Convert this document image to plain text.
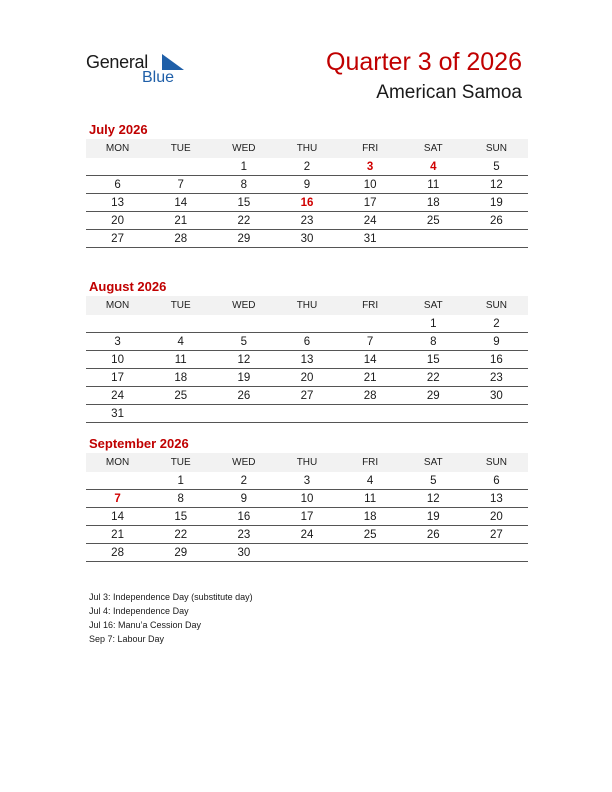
General
Blue
Quarter 3 of 2026
American Samoa
July 2026
MON	TUE	WED	THU	FRI	SAT	SUN
		1	2	3	4	5
6	7	8	9	10	11	12
13	14	15	16	17	18	19
20	21	22	23	24	25	26
27	28	29	30	31		
August 2026
MON	TUE	WED	THU	FRI	SAT	SUN
					1	2
3	4	5	6	7	8	9
10	11	12	13	14	15	16
17	18	19	20	21	22	23
24	25	26	27	28	29	30
31						
September 2026
MON	TUE	WED	THU	FRI	SAT	SUN
	1	2	3	4	5	6
7	8	9	10	11	12	13
14	15	16	17	18	19	20
21	22	23	24	25	26	27
28	29	30				
Jul 3: Independence Day (substitute day)
Jul 4: Independence Day
Jul 16: Manu’a Cession Day
Sep 7: Labour Day
